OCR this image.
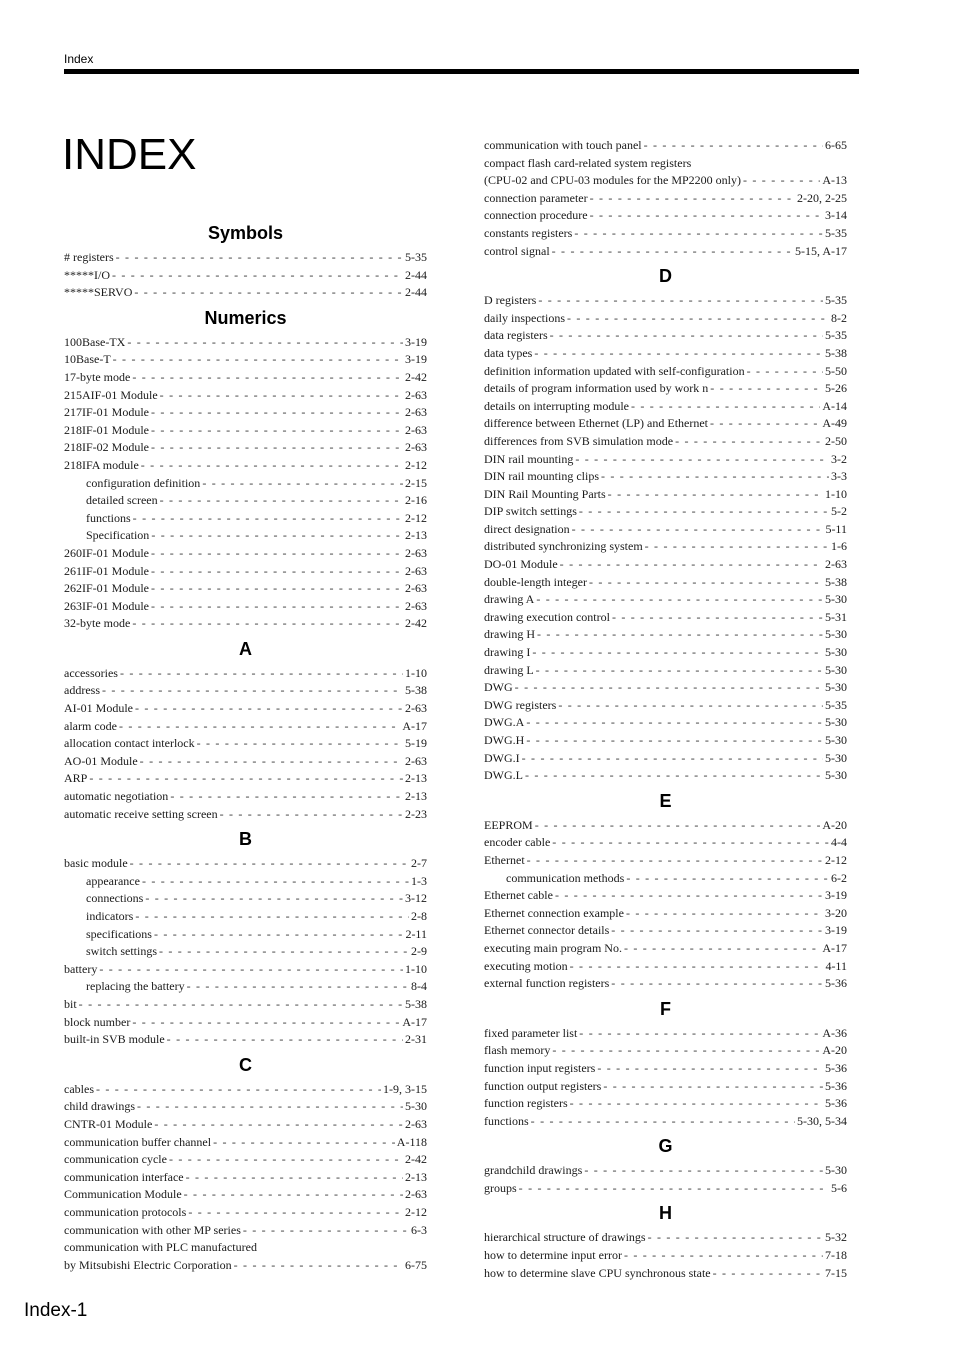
Index
INDEX
Symbols
# registers - - -	5-35
*****I/O - - -	2-44
*****SERVO - - -	2-44
Numerics
100Base-TX - - -	3-19
10Base-T - - -	3-19
17-byte mode - - -	2-42
215AIF-01 Module - - -	2-63
217IF-01 Module - - -	2-63
218IF-01 Module - - -	2-63
218IF-02 Module - - -	2-63
218IFA module - - -	2-12
configuration definition - - -	2-15
detailed screen - - -	2-16
functions - - -	2-12
Specification - - -	2-13
260IF-01 Module - - -	2-63
261IF-01 Module - - -	2-63
262IF-01 Module - - -	2-63
263IF-01 Module - - -	2-63
32-byte mode - - -	2-42
A
accessories - - -	1-10
address - - -	5-38
AI-01 Module - - -	2-63
alarm code - - -	A-17
allocation contact interlock - - -	5-19
AO-01 Module - - -	2-63
ARP - - -	2-13
automatic negotiation - - -	2-13
automatic receive setting screen - - -	2-23
B
basic module - - -	2-7
appearance - - -	1-3
connections - - -	3-12
indicators - - -	2-8
specifications - - -	2-11
switch settings - - -	2-9
battery - - -	1-10
replacing the battery - - -	8-4
bit - - -	5-38
block number - - -	A-17
built-in SVB module - - -	2-31
C
cables - - -	1-9, 3-15
child drawings - - -	5-30
CNTR-01 Module - - -	2-63
communication buffer channel - - -	A-118
communication cycle - - -	2-42
communication interface - - -	2-13
Communication Module - - -	2-63
communication protocols - - -	2-12
communication with other MP series - - -	6-3
communication with PLC manufactured
by Mitsubishi Electric Corporation - - -	6-75
communication with touch panel - - -	6-65
compact flash card-related system registers
(CPU-02 and CPU-03 modules for the MP2200 only) - - -	A-13
connection parameter - - -	2-20, 2-25
connection procedure - - -	3-14
constants registers - - -	5-35
control signal - - -	5-15, A-17
D
D registers - - -	5-35
daily inspections - - -	8-2
data registers - - -	5-35
data types - - -	5-38
definition information updated with self-configuration - - -	5-50
details of program information used by work n - - -	5-26
details on interrupting module - - -	A-14
difference between Ethernet (LP) and Ethernet - - -	A-49
differences from SVB simulation mode - - -	2-50
DIN rail mounting - - -	3-2
DIN rail mounting clips - - -	3-3
DIN Rail Mounting Parts - - -	1-10
DIP switch settings - - -	5-2
direct designation - - -	5-11
distributed synchronizing system - - -	1-6
DO-01 Module - - -	2-63
double-length integer - - -	5-38
drawing A - - -	5-30
drawing execution control - - -	5-31
drawing H - - -	5-30
drawing I - - -	5-30
drawing L - - -	5-30
DWG - - -	5-30
DWG registers - - -	5-35
DWG.A - - -	5-30
DWG.H - - -	5-30
DWG.I - - -	5-30
DWG.L - - -	5-30
E
EEPROM - - -	A-20
encoder cable - - -	4-4
Ethernet - - -	2-12
communication methods - - -	6-2
Ethernet cable - - -	3-19
Ethernet connection example - - -	3-20
Ethernet connector details - - -	3-19
executing main program No. - - -	A-17
executing motion - - -	4-11
external function registers - - -	5-36
F
fixed parameter list - - -	A-36
flash memory - - -	A-20
function input registers - - -	5-36
function output registers - - -	5-36
function registers - - -	5-36
functions - - -	5-30, 5-34
G
grandchild drawings - - -	5-30
groups - - -	5-6
H
hierarchical structure of drawings - - -	5-32
how to determine input error - - -	7-18
how to determine slave CPU synchronous state - - -	7-15
Index-1
